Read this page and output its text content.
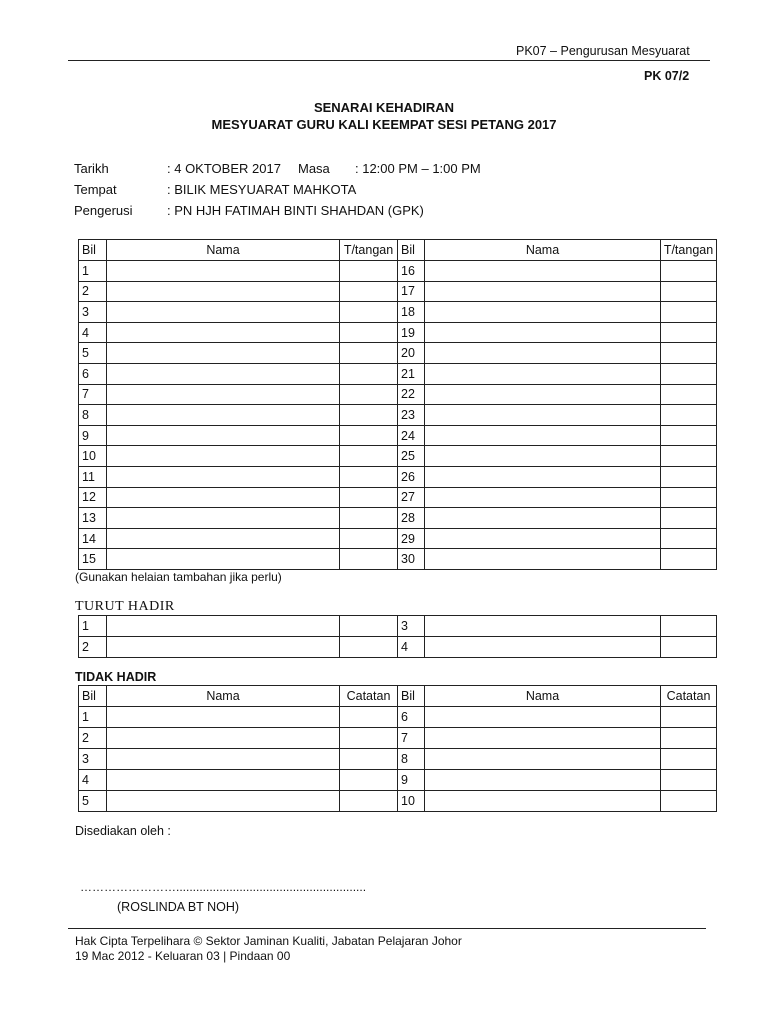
PK07 – Pengurusan Mesyuarat
PK 07/2
SENARAI KEHADIRAN
MESYUARAT GURU KALI KEEMPAT SESI PETANG 2017
Tarikh	: 4 OKTOBER 2017 Masa : 12:00 PM – 1:00 PM
Tempat	: BILIK MESYUARAT MAHKOTA
Pengerusi	: PN HJH FATIMAH BINTI SHAHDAN (GPK)
Bil	Nama	T/tangan	Bil	Nama	T/tangan
1			16		
2			17		
3			18		
4			19		
5			20		
6			21		
7			22		
8			23		
9			24		
10			25		
11			26		
12			27		
13			28		
14			29		
15			30		
(Gunakan helaian tambahan jika perlu)
TURUT HADIR
1			3		
2			4		
TIDAK HADIR
Bil	Nama	Catatan	Bil	Nama	Catatan
1			6		
2			7		
3			8		
4			9		
5			10		
Disediakan oleh :
…………………….........................................................
(ROSLINDA BT NOH)
Hak Cipta Terpelihara © Sektor Jaminan Kualiti, Jabatan Pelajaran Johor
19 Mac 2012 - Keluaran 03 | Pindaan 00
